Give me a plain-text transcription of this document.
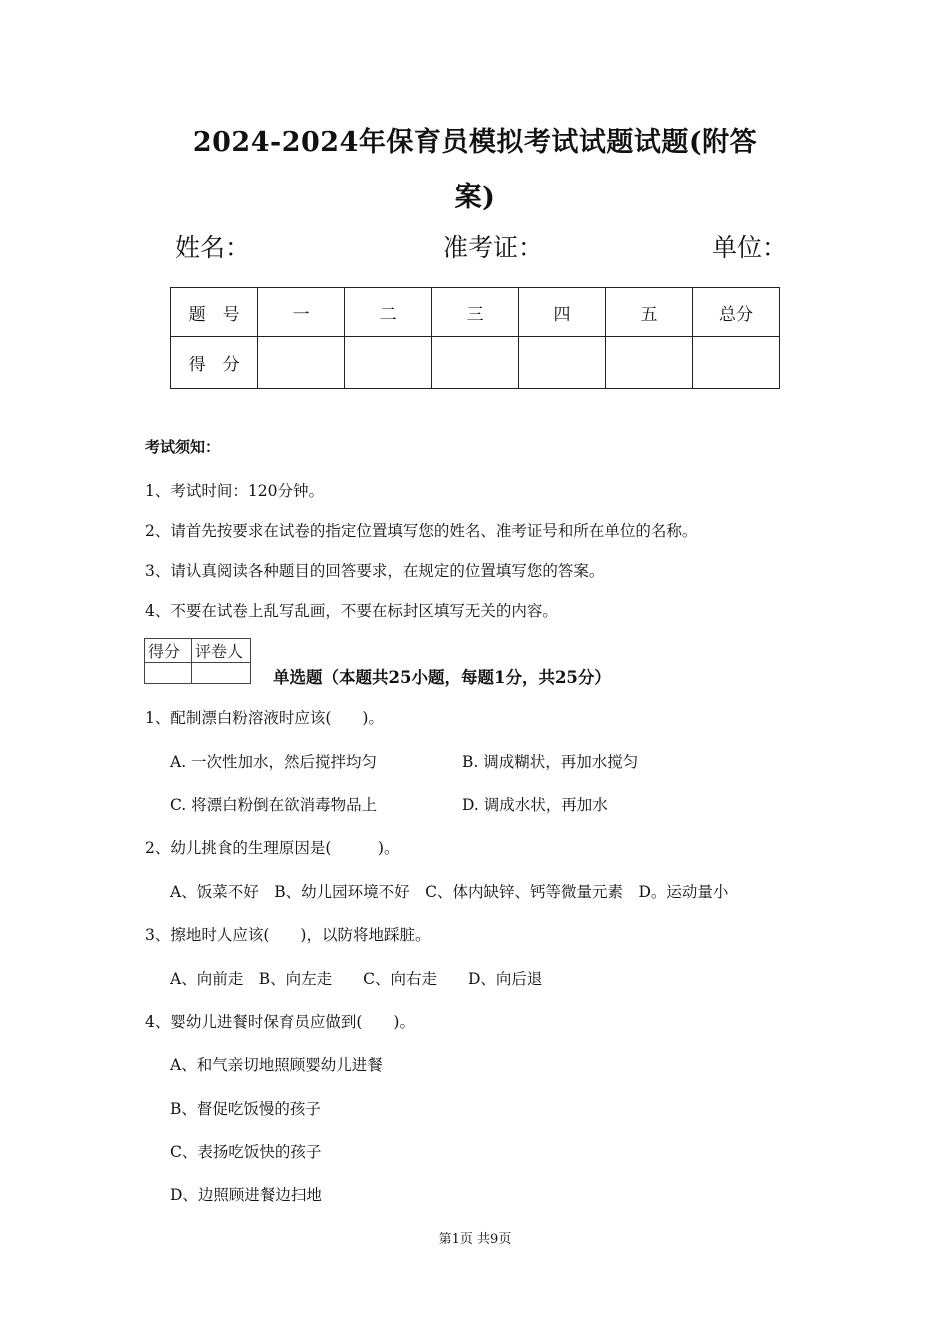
2024-2024年保育员模拟考试试题试题(附答
案)
姓名：	准考证：	单位：
题　号	一	二	三	四	五	总分
得　分						
考试须知：
1、考试时间：120分钟。
2、请首先按要求在试卷的指定位置填写您的姓名、准考证号和所在单位的名称。
3、请认真阅读各种题目的回答要求，在规定的位置填写您的答案。
4、不要在试卷上乱写乱画，不要在标封区填写无关的内容。
得分	评卷人

单选题（本题共25小题，每题1分，共25分）
1、配制漂白粉溶液时应该(　　)。
A. 一次性加水，然后搅拌均匀	B. 调成糊状，再加水搅匀
C. 将漂白粉倒在欲消毒物品上	D. 调成水状，再加水
2、幼儿挑食的生理原因是(　　　)。
A、饭菜不好　B、幼儿园环境不好　C、体内缺锌、钙等微量元素　D。运动量小
3、擦地时人应该(　　)，以防将地踩脏。
A、向前走　B、向左走　　C、向右走　　D、向后退
4、婴幼儿进餐时保育员应做到(　　)。
A、和气亲切地照顾婴幼儿进餐
B、督促吃饭慢的孩子
C、表扬吃饭快的孩子
D、边照顾进餐边扫地
第1页 共9页
